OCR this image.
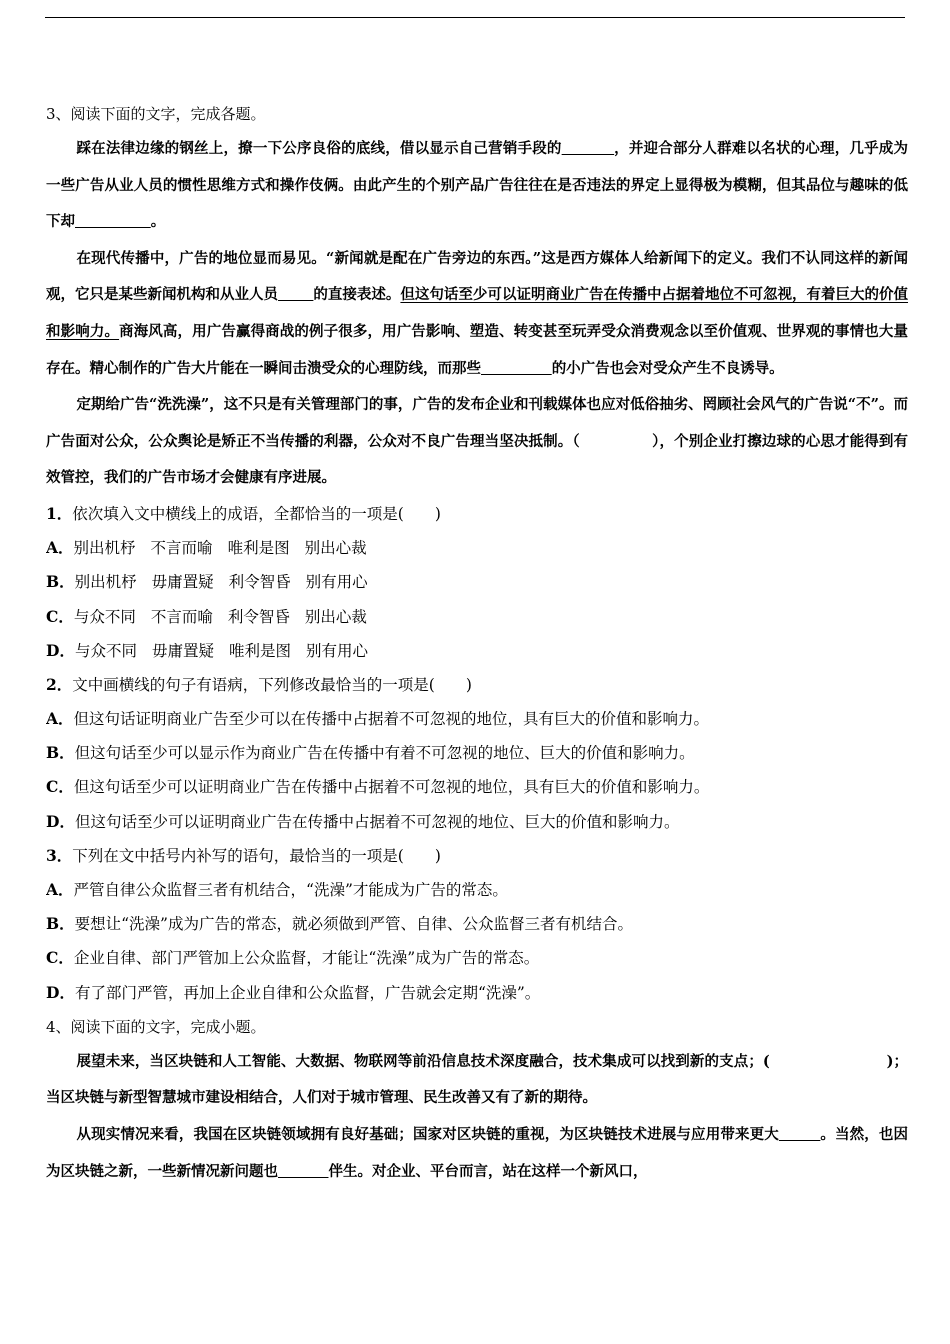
3、阅读下面的文字，完成各题。

踩在法律边缘的钢丝上，撩一下公序良俗的底线，借以显示自己营销手段的	，并迎合部分人群难以名状的心理，几乎成为一些广告从业人员的惯性思维方式和操作伎俩。由此产生的个别产品广告往往在是否违法的界定上显得极为模糊，但其品位与趣味的低下却	。

在现代传播中，广告的地位显而易见。“新闻就是配在广告旁边的东西。”这是西方媒体人给新闻下的定义。我们不认同这样的新闻观，它只是某些新闻机构和从业人员 的直接表述。但这句话至少可以证明商业广告在传播中占据着地位不可忽视，有着巨大的价值和影响力。商海风高，用广告赢得商战的例子很多，用广告影响、塑造、转变甚至玩弄受众消费观念以至价值观、世界观的事情也大量存在。精心制作的广告大片能在一瞬间击溃受众的心理防线，而那些	的小广告也会对受众产生不良诱导。

定期给广告“洗洗澡”，这不只是有关管理部门的事，广告的发布企业和刊载媒体也应对低俗抽劣、罔顾社会风气的广告说“不”。而广告面对公众，公众舆论是矫正不当传播的利器，公众对不良广告理当坚决抵制。（	），个别企业打擦边球的心思才能得到有效管控，我们的广告市场才会健康有序进展。

1．依次填入文中横线上的成语，全都恰当的一项是(　　)
A．别出机杼 不言而喻 唯利是图 别出心裁
B．别出机杼 毋庸置疑 利令智昏 别有用心
C．与众不同 不言而喻 利令智昏 别出心裁
D．与众不同 毋庸置疑 唯利是图 别有用心
2．文中画横线的句子有语病，下列修改最恰当的一项是(　　)
A．但这句话证明商业广告至少可以在传播中占据着不可忽视的地位，具有巨大的价值和影响力。
B．但这句话至少可以显示作为商业广告在传播中有着不可忽视的地位、巨大的价值和影响力。
C．但这句话至少可以证明商业广告在传播中占据着不可忽视的地位，具有巨大的价值和影响力。
D．但这句话至少可以证明商业广告在传播中占据着不可忽视的地位、巨大的价值和影响力。
3．下列在文中括号内补写的语句，最恰当的一项是(　　)
A．严管自律公众监督三者有机结合，“洗澡”才能成为广告的常态。
B．要想让“洗澡”成为广告的常态，就必须做到严管、自律、公众监督三者有机结合。
C．企业自律、部门严管加上公众监督，才能让“洗澡”成为广告的常态。
D．有了部门严管，再加上企业自律和公众监督，广告就会定期“洗澡”。
4、阅读下面的文字，完成小题。

展望未来，当区块链和人工智能、大数据、物联网等前沿信息技术深度融合，技术集成可以找到新的支点；(　　　　　　　　)；当区块链与新型智慧城市建设相结合，人们对于城市管理、民生改善又有了新的期待。

从现实情况来看，我国在区块链领域拥有良好基础；国家对区块链的重视，为区块链技术进展与应用带来更大	。当然，也因为区块链之新，一些新情况新问题也	伴生。对企业、平台而言，站在这样一个新风口，
